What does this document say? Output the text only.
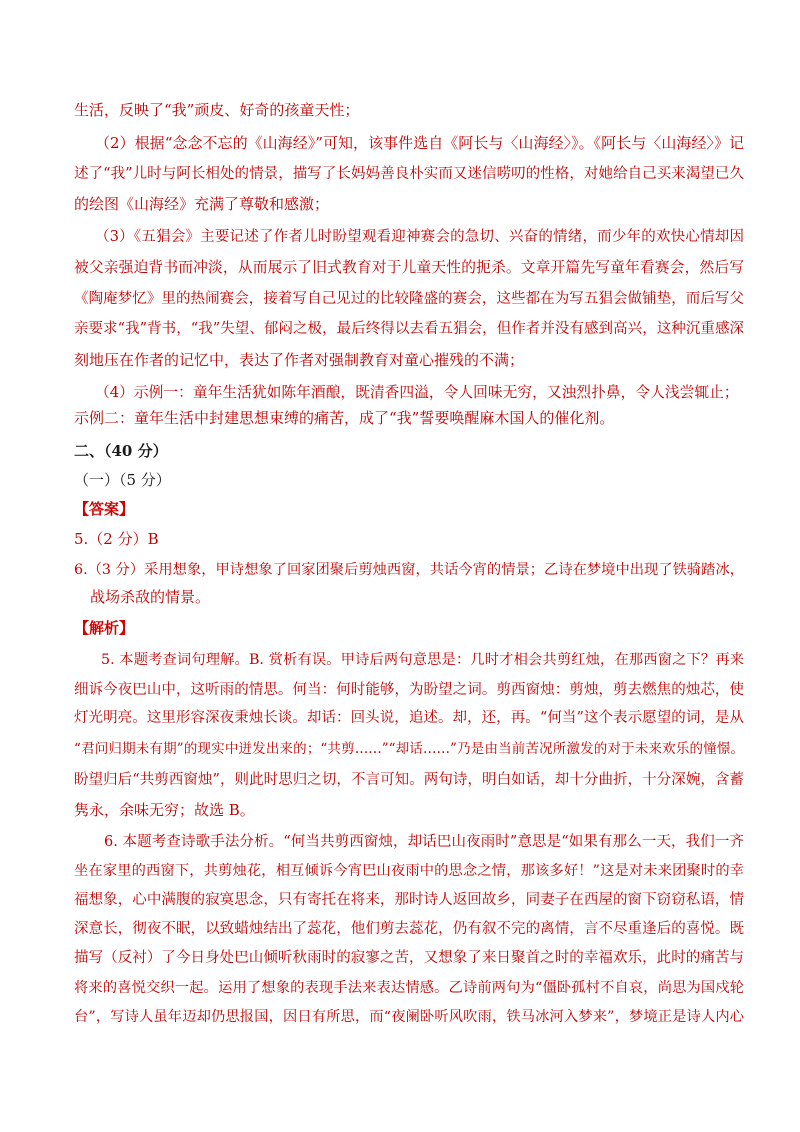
生活，反映了“我”顽皮、好奇的孩童天性；
（2）根据“念念不忘的《山海经》”可知，该事件选自《阿长与〈山海经〉》。《阿长与〈山海经〉》记
述了“我”儿时与阿长相处的情景，描写了长妈妈善良朴实而又迷信唠叨的性格，对她给自己买来渴望已久
的绘图《山海经》充满了尊敬和感激；
（3）《五猖会》主要记述了作者儿时盼望观看迎神赛会的急切、兴奋的情绪，而少年的欢快心情却因
被父亲强迫背书而冲淡，从而展示了旧式教育对于儿童天性的扼杀。文章开篇先写童年看赛会，然后写
《陶庵梦忆》里的热闹赛会，接着写自己见过的比较隆盛的赛会，这些都在为写五猖会做铺垫，而后写父
亲要求“我”背书，“我”失望、郁闷之极，最后终得以去看五猖会，但作者并没有感到高兴，这种沉重感深
刻地压在作者的记忆中，表达了作者对强制教育对童心摧残的不满；
（4）示例一：童年生活犹如陈年酒酿，既清香四溢，令人回味无穷，又浊烈扑鼻，令人浅尝辄止；
示例二：童年生活中封建思想束缚的痛苦，成了“我”誓要唤醒麻木国人的催化剂。
二、（40 分）
（一）（5 分）
【答案】
5.（2 分）B
6.（3 分）采用想象，甲诗想象了回家团聚后剪烛西窗，共话今宵的情景；乙诗在梦境中出现了铁骑踏冰，
战场杀敌的情景。
【解析】
5. 本题考查词句理解。B. 赏析有误。甲诗后两句意思是：几时才相会共剪红烛，在那西窗之下？再来
细诉今夜巴山中，这听雨的情思。何当：何时能够，为盼望之词。剪西窗烛：剪烛，剪去燃焦的烛芯，使
灯光明亮。这里形容深夜秉烛长谈。却话：回头说，追述。却，还，再。“何当”这个表示愿望的词，是从
“君问归期未有期”的现实中迸发出来的；“共剪……”“却话……”乃是由当前苦况所激发的对于未来欢乐的憧憬。
盼望归后“共剪西窗烛”，则此时思归之切，不言可知。两句诗，明白如话，却十分曲折，十分深婉，含蓄
隽永，余味无穷；故选 B。
6. 本题考查诗歌手法分析。“何当共剪西窗烛，却话巴山夜雨时”意思是“如果有那么一天，我们一齐
坐在家里的西窗下，共剪烛花，相互倾诉今宵巴山夜雨中的思念之情，那该多好！”这是对未来团聚时的幸
福想象，心中满腹的寂寞思念，只有寄托在将来，那时诗人返回故乡，同妻子在西屋的窗下窃窃私语，情
深意长，彻夜不眠，以致蜡烛结出了蕊花，他们剪去蕊花，仍有叙不完的离情，言不尽重逢后的喜悦。既
描写（反衬）了今日身处巴山倾听秋雨时的寂寥之苦，又想象了来日聚首之时的幸福欢乐，此时的痛苦与
将来的喜悦交织一起。运用了想象的表现手法来表达情感。乙诗前两句为“僵卧孤村不自哀，尚思为国戍轮
台”，写诗人虽年迈却仍思报国，因日有所思，而“夜阑卧听风吹雨，铁马冰河入梦来”，梦境正是诗人内心
